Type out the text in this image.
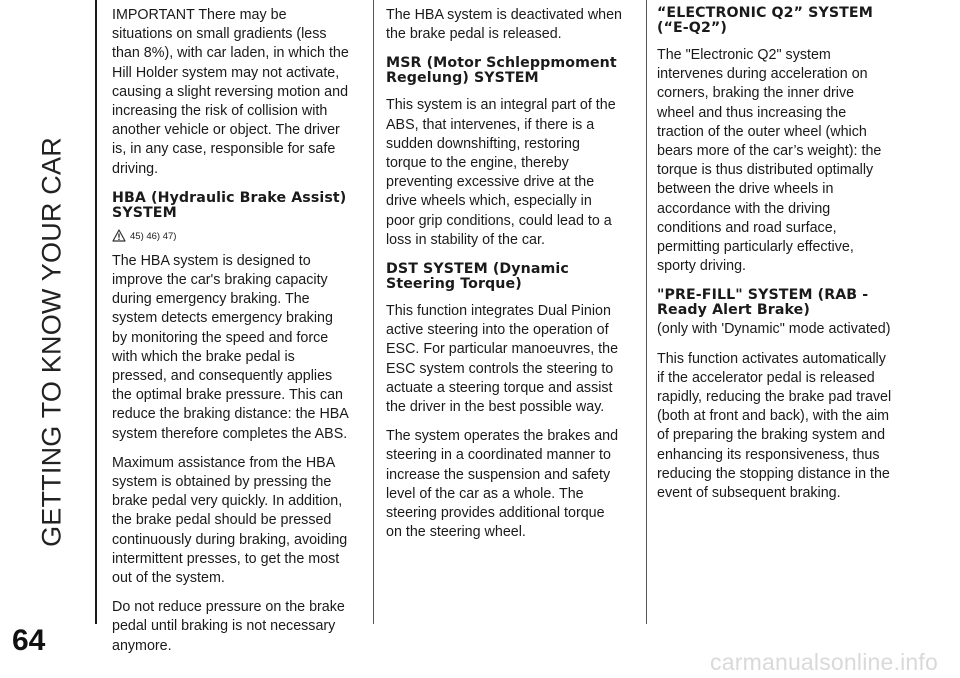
GETTING TO KNOW YOUR CAR
64

IMPORTANT There may be situations on small gradients (less than 8%), with car laden, in which the Hill Holder system may not activate, causing a slight reversing motion and increasing the risk of collision with another vehicle or object. The driver is, in any case, responsible for safe driving.

HBA (Hydraulic Brake Assist) SYSTEM
45) 46) 47)

The HBA system is designed to improve the car's braking capacity during emergency braking. The system detects emergency braking by monitoring the speed and force with which the brake pedal is pressed, and consequently applies the optimal brake pressure. This can reduce the braking distance: the HBA system therefore completes the ABS.

Maximum assistance from the HBA system is obtained by pressing the brake pedal very quickly. In addition, the brake pedal should be pressed continuously during braking, avoiding intermittent presses, to get the most out of the system.

Do not reduce pressure on the brake pedal until braking is not necessary anymore.

The HBA system is deactivated when the brake pedal is released.

MSR (Motor Schleppmoment Regelung) SYSTEM

This system is an integral part of the ABS, that intervenes, if there is a sudden downshifting, restoring torque to the engine, thereby preventing excessive drive at the drive wheels which, especially in poor grip conditions, could lead to a loss in stability of the car.

DST SYSTEM (Dynamic Steering Torque)

This function integrates Dual Pinion active steering into the operation of ESC. For particular manoeuvres, the ESC system controls the steering to actuate a steering torque and assist the driver in the best possible way.

The system operates the brakes and steering in a coordinated manner to increase the suspension and safety level of the car as a whole. The steering provides additional torque on the steering wheel.

“ELECTRONIC Q2” SYSTEM (“E-Q2”)

The "Electronic Q2" system intervenes during acceleration on corners, braking the inner drive wheel and thus increasing the traction of the outer wheel (which bears more of the car’s weight): the torque is thus distributed optimally between the drive wheels in accordance with the driving conditions and road surface, permitting particularly effective, sporty driving.

"PRE-FILL" SYSTEM (RAB - Ready Alert Brake)

(only with 'Dynamic" mode activated)

This function activates automatically if the accelerator pedal is released rapidly, reducing the brake pad travel (both at front and back), with the aim of preparing the braking system and enhancing its responsiveness, thus reducing the stopping distance in the event of subsequent braking.

carmanualsonline.info
